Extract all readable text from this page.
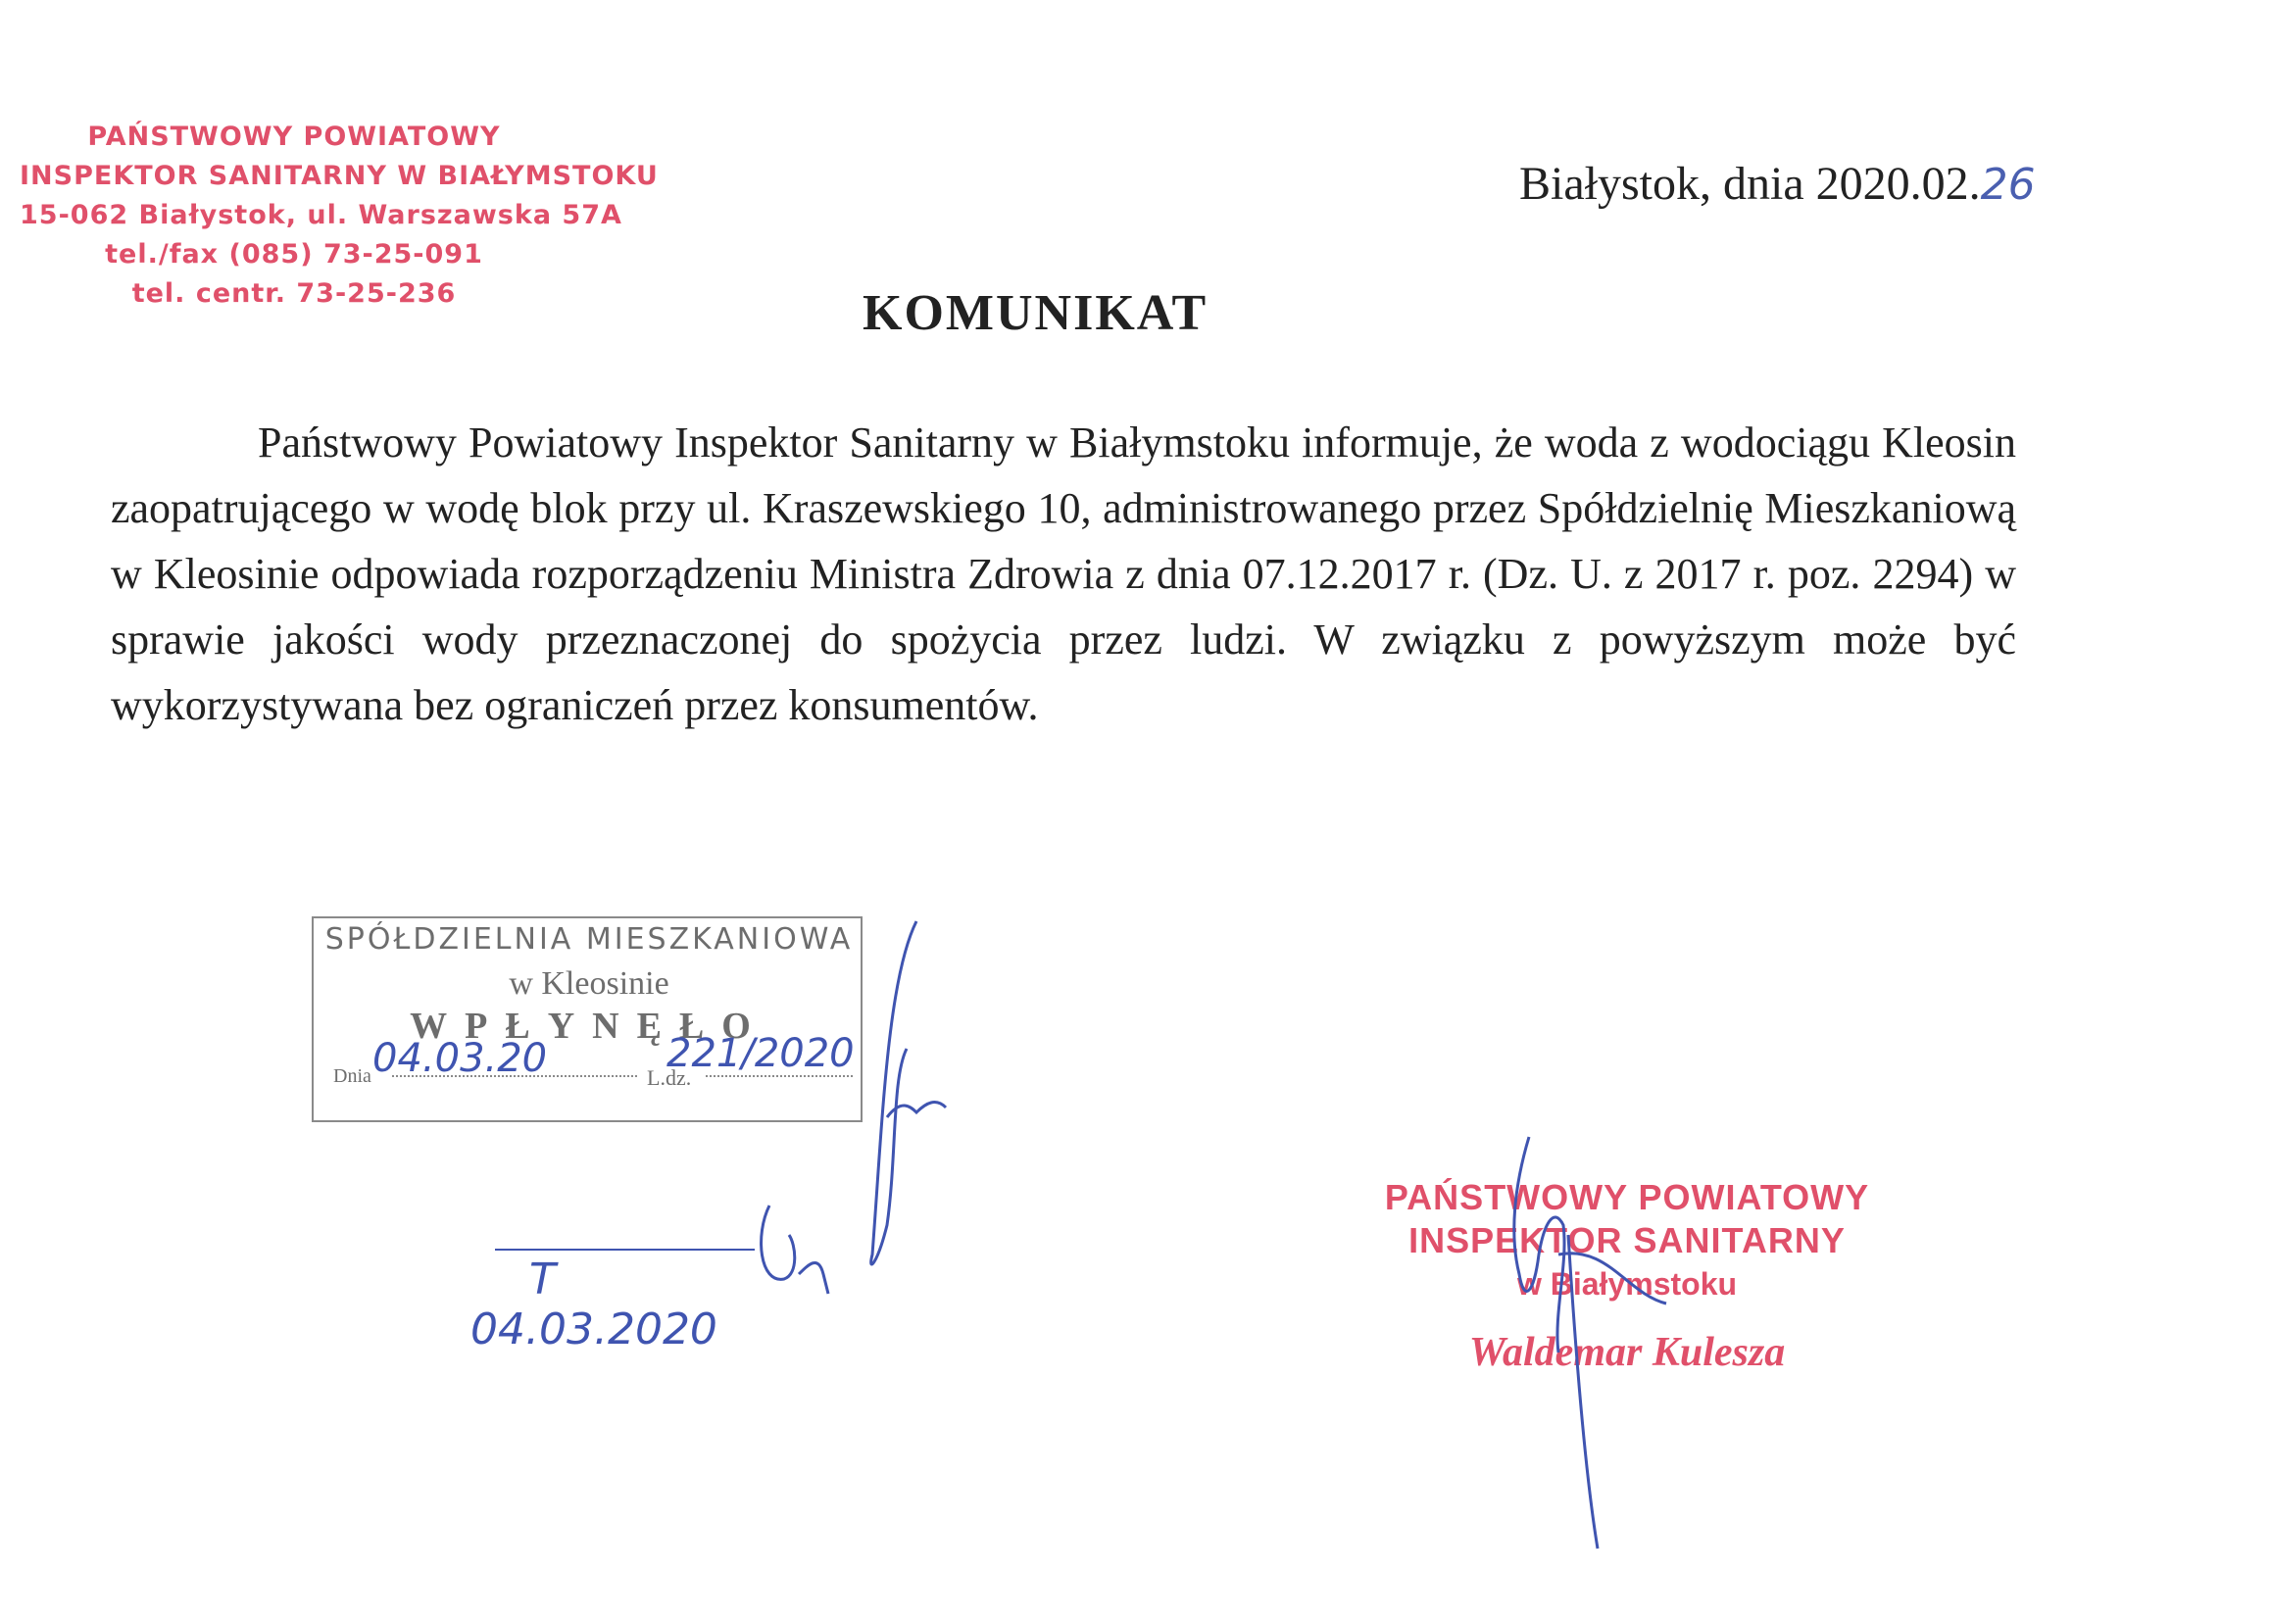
PAŃSTWOWY POWIATOWY
INSPEKTOR SANITARNY W BIAŁYMSTOKU
15-062 Białystok, ul. Warszawska 57A
tel./fax (085) 73-25-091
tel. centr. 73-25-236
Białystok, dnia 2020.02.26
KOMUNIKAT
Państwowy Powiatowy Inspektor Sanitarny w Białymstoku informuje, że woda z wodociągu Kleosin zaopatrującego w wodę blok przy ul. Kraszewskiego 10, administrowanego przez Spółdzielnię Mieszkaniową w Kleosinie odpowiada rozporządzeniu Ministra Zdrowia z dnia 07.12.2017 r. (Dz. U. z 2017 r. poz. 2294) w sprawie jakości wody przeznaczonej do spożycia przez ludzi. W związku z powyższym może być wykorzystywana bez ograniczeń przez konsumentów.
SPÓŁDZIELNIA MIESZKANIOWA
w Kleosinie
WPŁYNĘŁO
Dnia	L.dz.
04.03.20	221/2020
T
04.03.2020
PAŃSTWOWY POWIATOWY
INSPEKTOR SANITARNY
w Białymstoku
Waldemar Kulesza
